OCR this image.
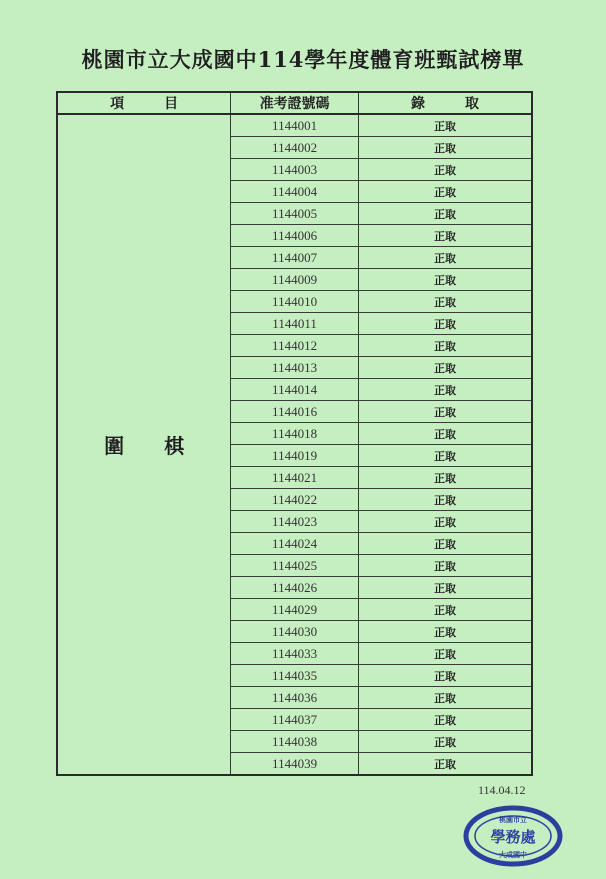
桃園市立大成國中114學年度體育班甄試榜單
項目	准考證號碼	錄取
圍棋	1144001	正取
	1144002	正取
	1144003	正取
	1144004	正取
	1144005	正取
	1144006	正取
	1144007	正取
	1144009	正取
	1144010	正取
	1144011	正取
	1144012	正取
	1144013	正取
	1144014	正取
	1144016	正取
	1144018	正取
	1144019	正取
	1144021	正取
	1144022	正取
	1144023	正取
	1144024	正取
	1144025	正取
	1144026	正取
	1144029	正取
	1144030	正取
	1144033	正取
	1144035	正取
	1144036	正取
	1144037	正取
	1144038	正取
	1144039	正取
114.04.12
桃園市立
學務處
大成國中
